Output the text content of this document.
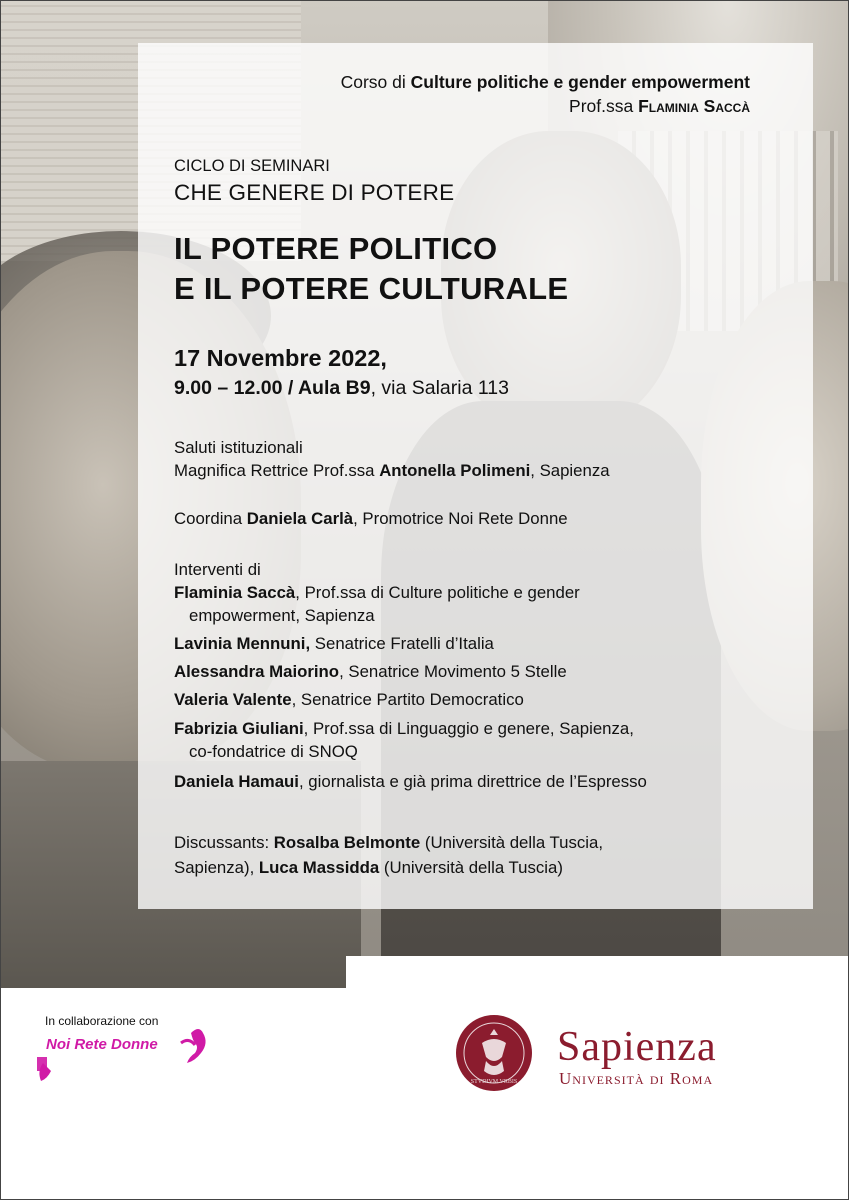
Corso di Culture politiche e gender empowerment
Prof.ssa Flaminia Saccà
CICLO DI SEMINARI
CHE GENERE DI POTERE
IL POTERE POLITICO
E IL POTERE CULTURALE
17 Novembre 2022,
9.00 – 12.00 / Aula B9, via Salaria 113
Saluti istituzionali
Magnifica Rettrice Prof.ssa Antonella Polimeni, Sapienza
Coordina Daniela Carlà, Promotrice Noi Rete Donne
Interventi di
Flaminia Saccà, Prof.ssa di Culture politiche e gender
empowerment, Sapienza
Lavinia Mennuni, Senatrice Fratelli d’Italia
Alessandra Maiorino, Senatrice Movimento 5 Stelle
Valeria Valente, Senatrice Partito Democratico
Fabrizia Giuliani, Prof.ssa di Linguaggio e genere, Sapienza,
co-fondatrice di SNOQ
Daniela Hamaui, giornalista e già prima direttrice de l’Espresso
Discussants: Rosalba Belmonte (Università della Tuscia,
Sapienza), Luca Massidda (Università della Tuscia)
In collaborazione con
Noi Rete Donne
STVDIVM VRBIS
Sapienza
Università di Roma
